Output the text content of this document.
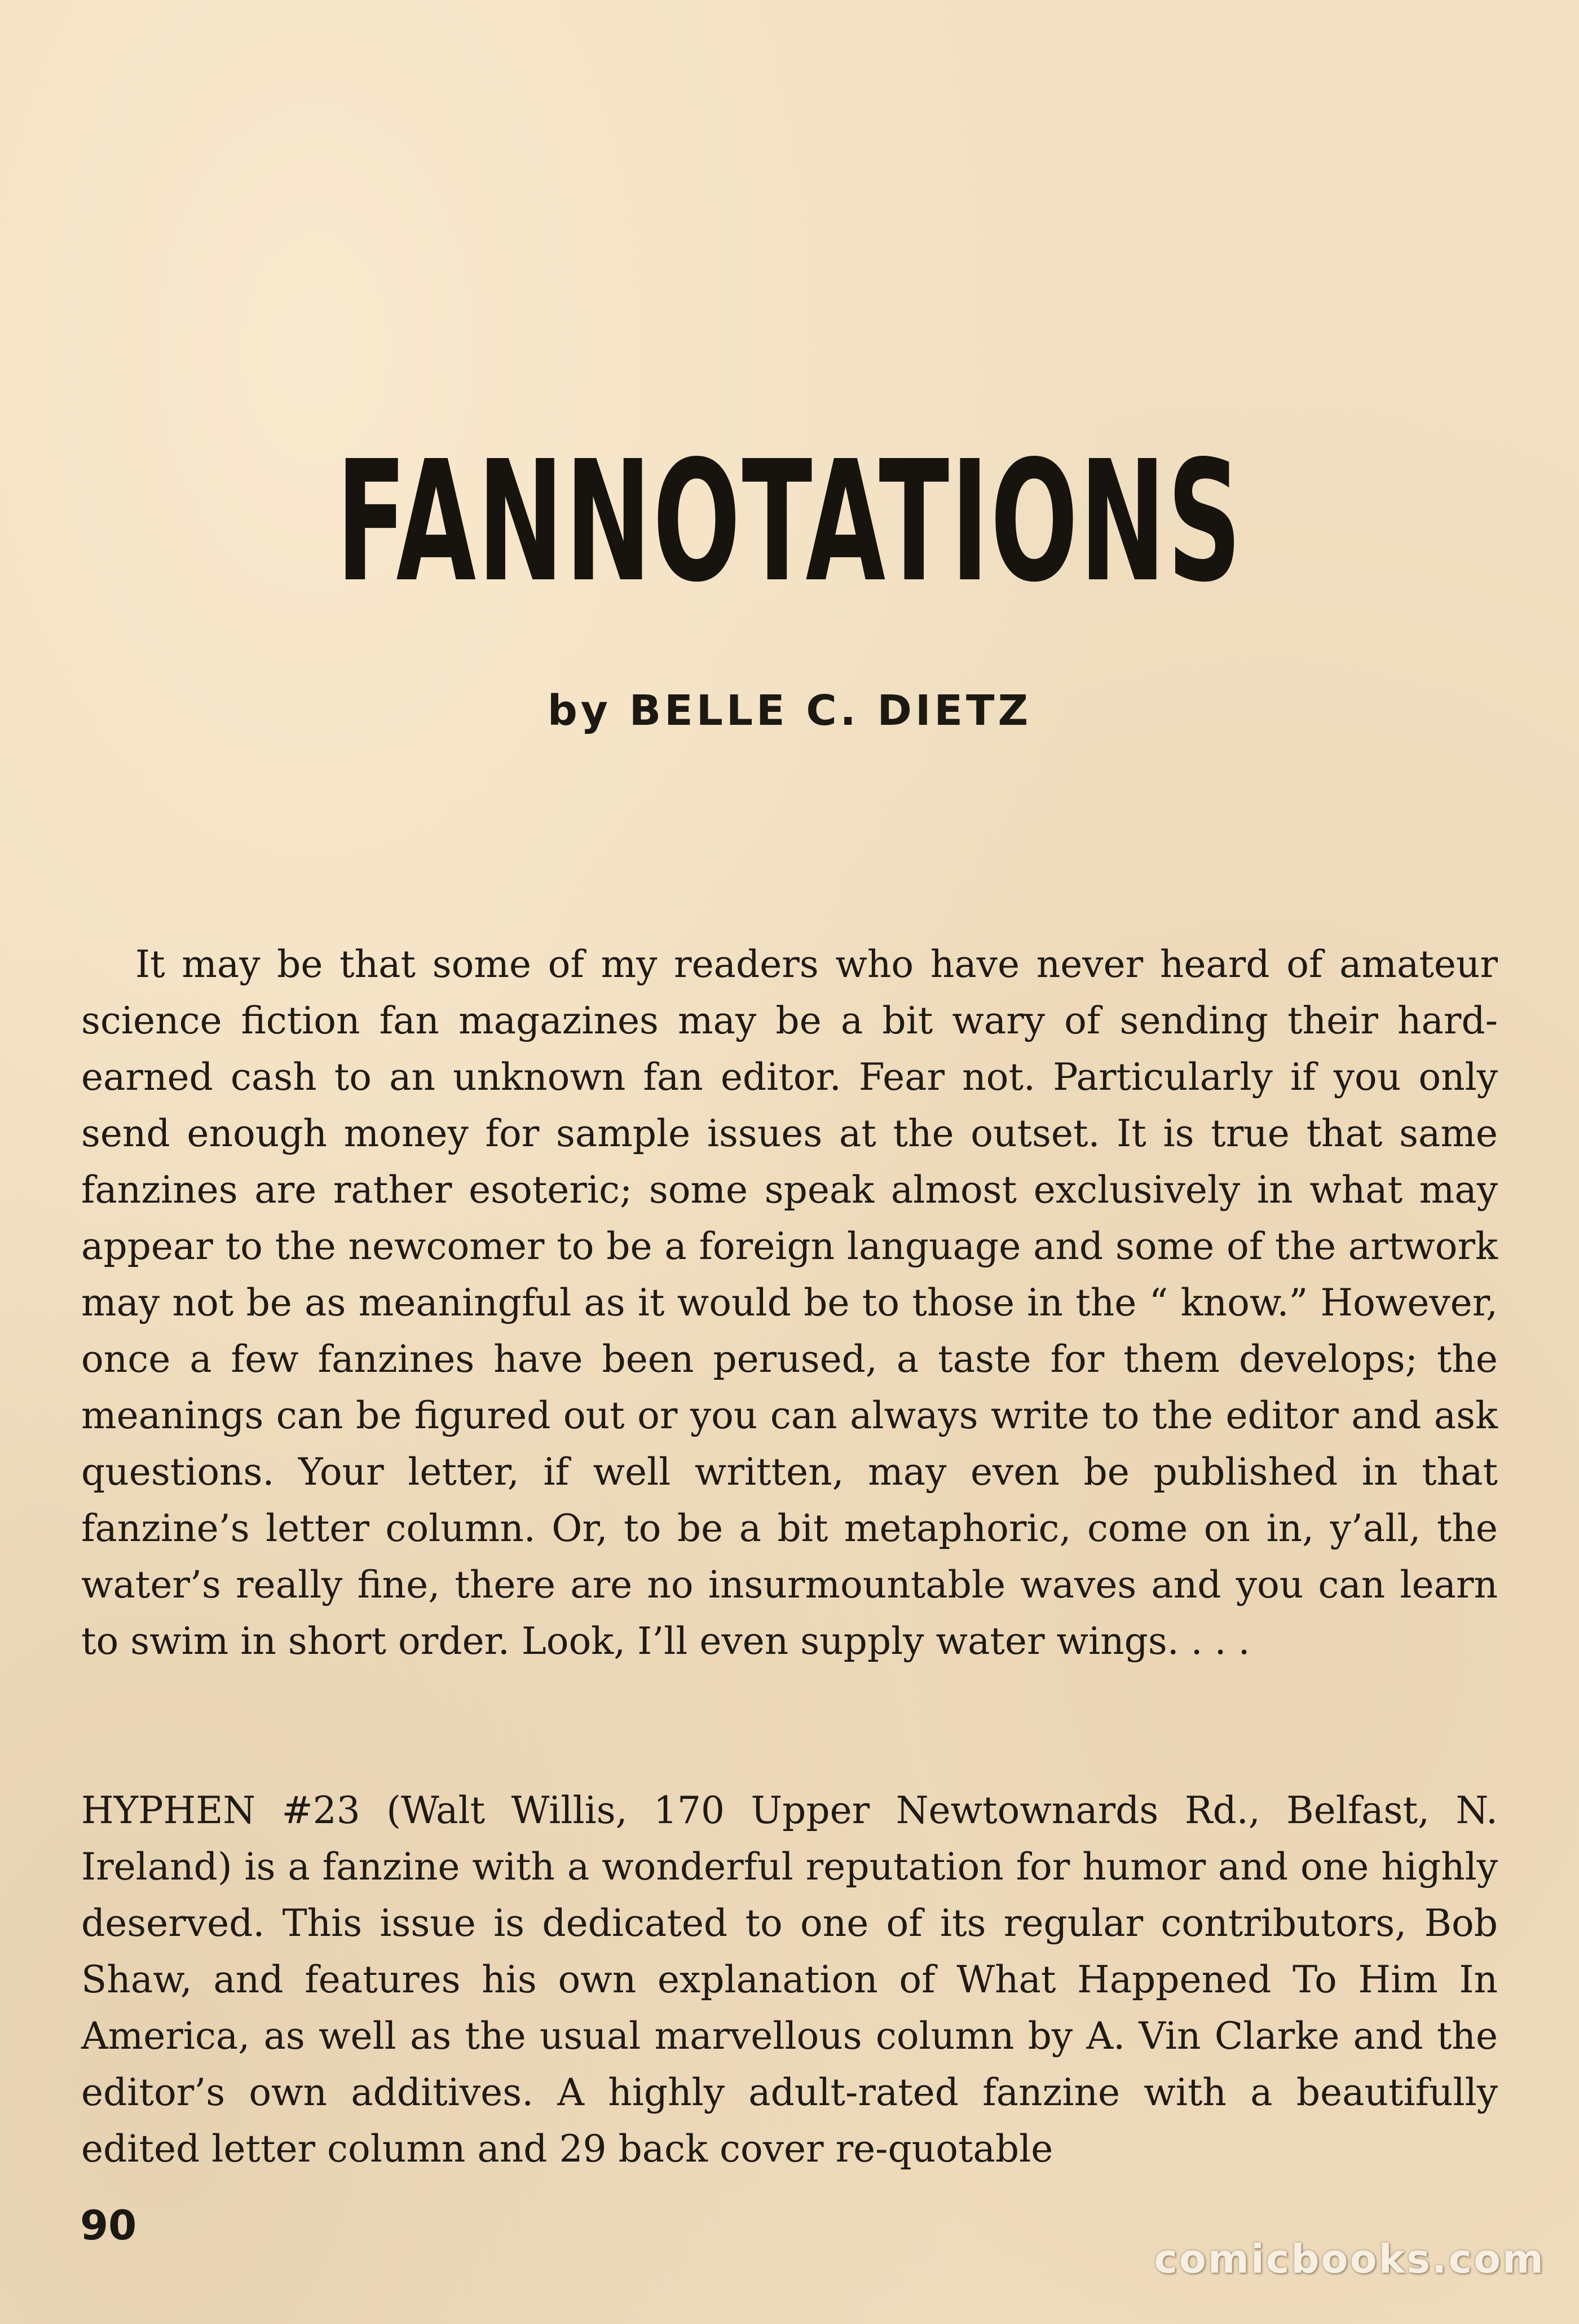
FANNOTATIONS

by BELLE C. DIETZ

It may be that some of my readers who have never heard of amateur science fiction fan magazines may be a bit wary of sending their hard-earned cash to an unknown fan editor. Fear not. Particularly if you only send enough money for sample issues at the outset. It is true that same fanzines are rather esoteric; some speak almost exclusively in what may appear to the newcomer to be a foreign language and some of the artwork may not be as meaningful as it would be to those in the “ know.” However, once a few fanzines have been perused, a taste for them develops; the meanings can be figured out or you can always write to the editor and ask questions. Your letter, if well written, may even be published in that fanzine’s letter column. Or, to be a bit metaphoric, come on in, y’all, the water’s really fine, there are no insurmountable waves and you can learn to swim in short order. Look, I’ll even supply water wings. . . .

HYPHEN #23 (Walt Willis, 170 Upper Newtownards Rd., Belfast, N. Ireland) is a fanzine with a wonderful reputation for humor and one highly deserved. This issue is dedicated to one of its regular contributors, Bob Shaw, and features his own explanation of What Happened To Him In America, as well as the usual marvellous column by A. Vin Clarke and the editor’s own additives. A highly adult-rated fanzine with a beautifully edited letter column and 29 back cover re-quotable

90

comicbooks.com
